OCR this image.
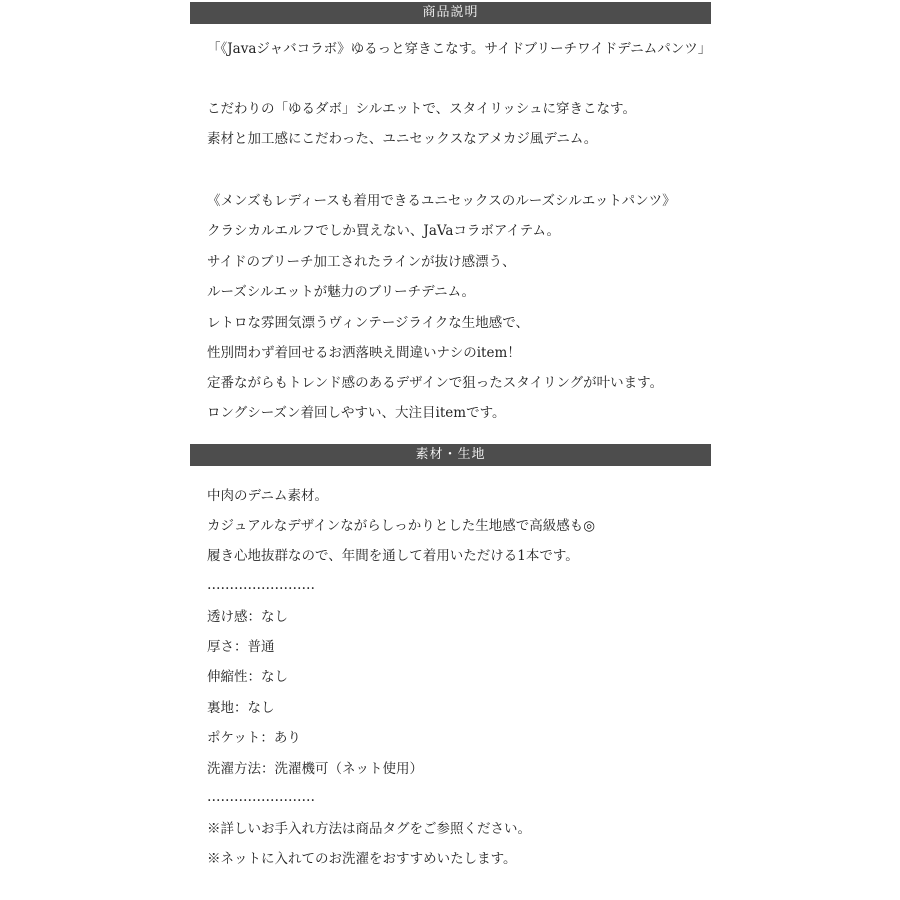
商品説明
「《Javaジャバコラボ》ゆるっと穿きこなす。サイドブリーチワイドデニムパンツ」
こだわりの「ゆるダボ」シルエットで、スタイリッシュに穿きこなす。
素材と加工感にこだわった、ユニセックスなアメカジ風デニム。
《メンズもレディースも着用できるユニセックスのルーズシルエットパンツ》
クラシカルエルフでしか買えない、JaVaコラボアイテム。
サイドのブリーチ加工されたラインが抜け感漂う、
ルーズシルエットが魅力のブリーチデニム。
レトロな雰囲気漂うヴィンテージライクな生地感で、
性別問わず着回せるお洒落映え間違いナシのitem！
定番ながらもトレンド感のあるデザインで狙ったスタイリングが叶います。
ロングシーズン着回しやすい、大注目itemです。
素材・生地
中肉のデニム素材。
カジュアルなデザインながらしっかりとした生地感で高級感も◎
履き心地抜群なので、年間を通して着用いただける1本です。
……………………
透け感：なし
厚さ：普通
伸縮性：なし
裏地：なし
ポケット：あり
洗濯方法：洗濯機可（ネット使用）
……………………
※詳しいお手入れ方法は商品タグをご参照ください。
※ネットに入れてのお洗濯をおすすめいたします。
